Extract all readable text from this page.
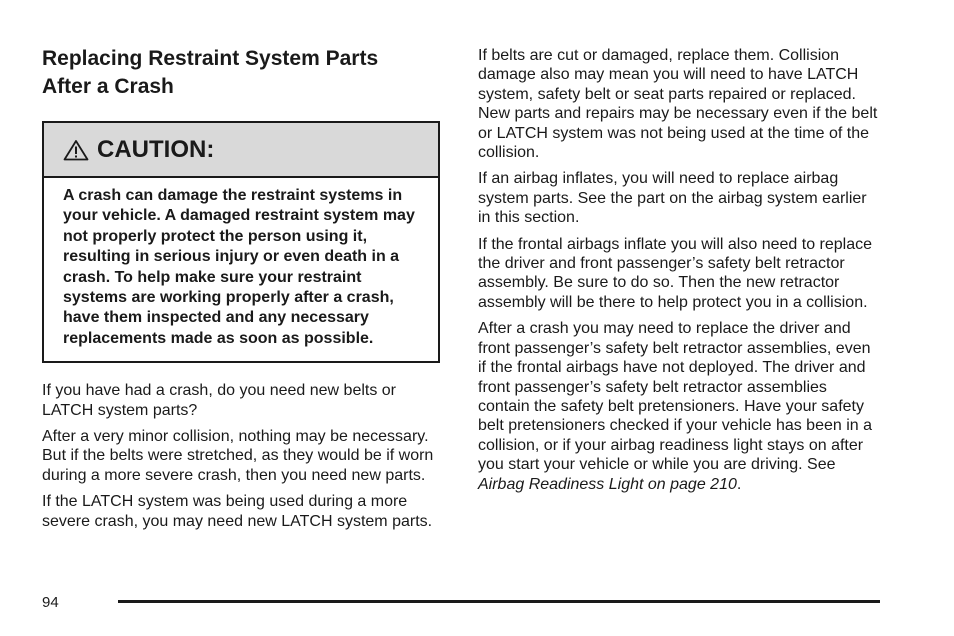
Replacing Restraint System Parts
After a Crash
CAUTION:
A crash can damage the restraint systems in your vehicle. A damaged restraint system may not properly protect the person using it, resulting in serious injury or even death in a crash. To help make sure your restraint systems are working properly after a crash, have them inspected and any necessary replacements made as soon as possible.

If you have had a crash, do you need new belts or LATCH system parts?

After a very minor collision, nothing may be necessary. But if the belts were stretched, as they would be if worn during a more severe crash, then you need new parts.

If the LATCH system was being used during a more severe crash, you may need new LATCH system parts.

If belts are cut or damaged, replace them. Collision damage also may mean you will need to have LATCH system, safety belt or seat parts repaired or replaced. New parts and repairs may be necessary even if the belt or LATCH system was not being used at the time of the collision.

If an airbag inflates, you will need to replace airbag system parts. See the part on the airbag system earlier in this section.

If the frontal airbags inflate you will also need to replace the driver and front passenger’s safety belt retractor assembly. Be sure to do so. Then the new retractor assembly will be there to help protect you in a collision.

After a crash you may need to replace the driver and front passenger’s safety belt retractor assemblies, even if the frontal airbags have not deployed. The driver and front passenger’s safety belt retractor assemblies contain the safety belt pretensioners. Have your safety belt pretensioners checked if your vehicle has been in a collision, or if your airbag readiness light stays on after you start your vehicle or while you are driving. See Airbag Readiness Light on page 210.

94
